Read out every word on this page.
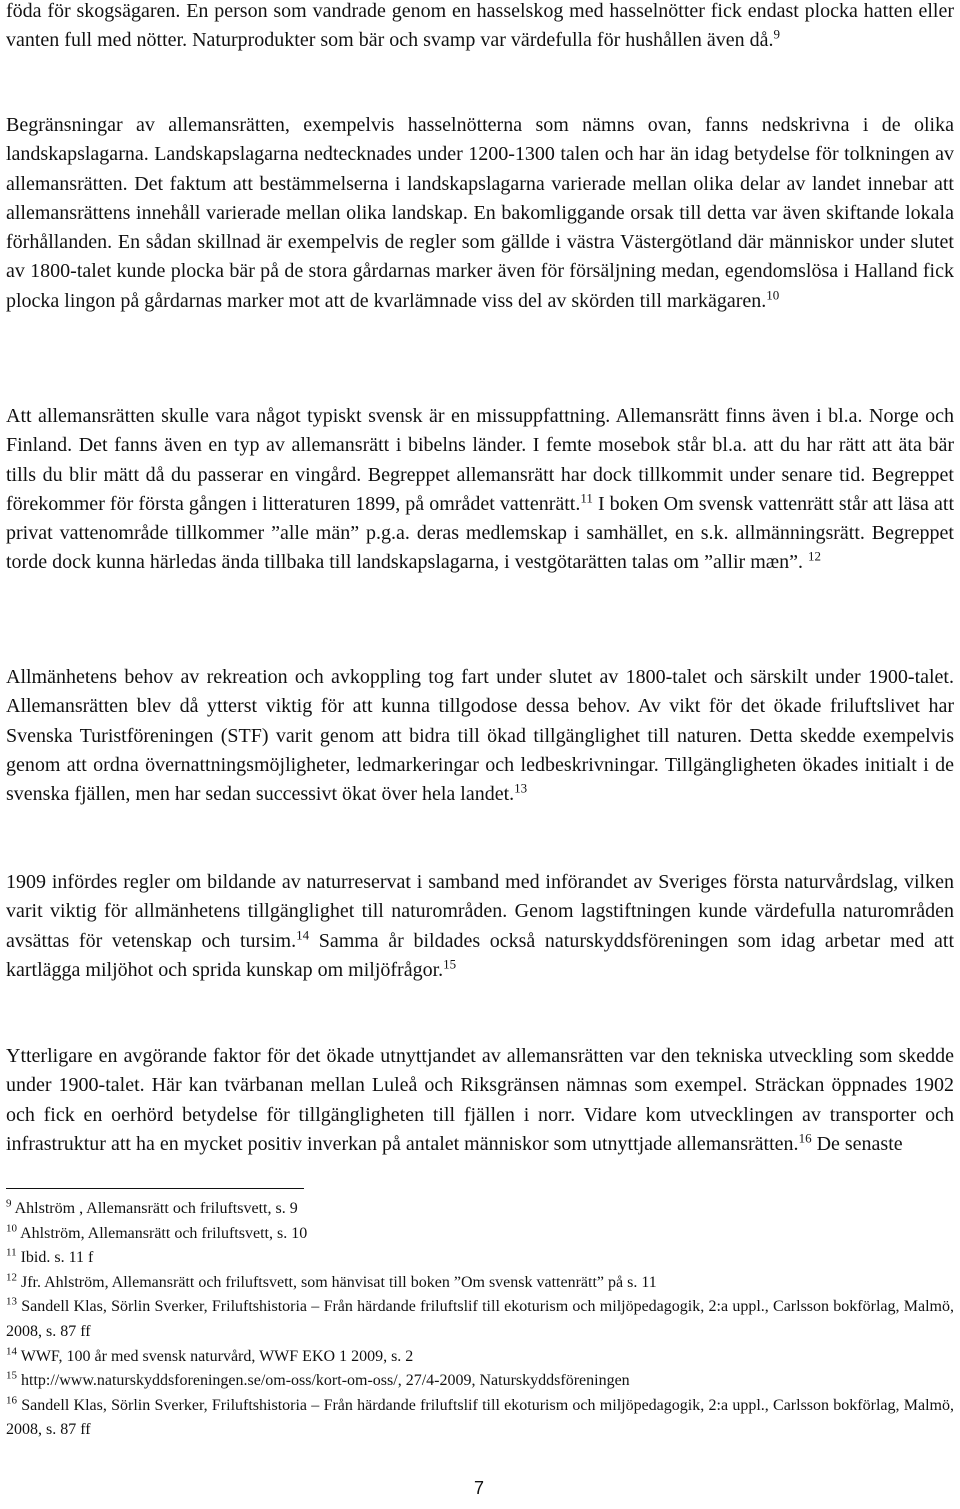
föda för skogsägaren. En person som vandrade genom en hasselskog med hasselnötter fick endast plocka hatten eller vanten full med nötter. Naturprodukter som bär och svamp var värdefulla för hushållen även då.$^9$

Begränsningar av allemansrätten, exempelvis hasselnötterna som nämns ovan, fanns nedskrivna i de olika landskapslagarna. Landskapslagarna nedtecknades under 1200-1300 talen och har än idag betydelse för tolkningen av allemansrätten. Det faktum att bestämmelserna i landskapslagarna varierade mellan olika delar av landet innebar att allemansrättens innehåll varierade mellan olika landskap. En bakomliggande orsak till detta var även skiftande lokala förhållanden. En sådan skillnad är exempelvis de regler som gällde i västra Västergötland där människor under slutet av 1800-talet kunde plocka bär på de stora gårdarnas marker även för försäljning medan, egendomslösa i Halland fick plocka lingon på gårdarnas marker mot att de kvarlämnade viss del av skörden till markägaren.$^{10}$

Att allemansrätten skulle vara något typiskt svensk är en missuppfattning. Allemansrätt finns även i bl.a. Norge och Finland. Det fanns även en typ av allemansrätt i bibelns länder. I femte mosebok står bl.a. att du har rätt att äta bär tills du blir mätt då du passerar en vingård. Begreppet allemansrätt har dock tillkommit under senare tid. Begreppet förekommer för första gången i litteraturen 1899, på området vattenrätt.$^{11}$ I boken Om svensk vattenrätt står att läsa att privat vattenområde tillkommer ”alle män” p.g.a. deras medlemskap i samhället, en s.k. allmänningsrätt. Begreppet torde dock kunna härledas ända tillbaka till landskapslagarna, i vestgötarätten talas om ”allir mæn”. $^{12}$

Allmänhetens behov av rekreation och avkoppling tog fart under slutet av 1800-talet och särskilt under 1900-talet. Allemansrätten blev då ytterst viktig för att kunna tillgodose dessa behov. Av vikt för det ökade friluftslivet har Svenska Turistföreningen (STF) varit genom att bidra till ökad tillgänglighet till naturen. Detta skedde exempelvis genom att ordna övernattningsmöjligheter, ledmarkeringar och ledbeskrivningar. Tillgängligheten ökades initialt i de svenska fjällen, men har sedan successivt ökat över hela landet.$^{13}$

1909 infördes regler om bildande av naturreservat i samband med införandet av Sveriges första naturvårdslag, vilken varit viktig för allmänhetens tillgänglighet till naturområden. Genom lagstiftningen kunde värdefulla naturområden avsättas för vetenskap och tursim.$^{14}$ Samma år bildades också naturskyddsföreningen som idag arbetar med att kartlägga miljöhot och sprida kunskap om miljöfrågor.$^{15}$

Ytterligare en avgörande faktor för det ökade utnyttjandet av allemansrätten var den tekniska utveckling som skedde under 1900-talet. Här kan tvärbanan mellan Luleå och Riksgränsen nämnas som exempel. Sträckan öppnades 1902 och fick en oerhörd betydelse för tillgängligheten till fjällen i norr. Vidare kom utvecklingen av transporter och infrastruktur att ha en mycket positiv inverkan på antalet människor som utnyttjade allemansrätten.$^{16}$ De senaste

$^9$ Ahlström , Allemansrätt och friluftsvett, s. 9

$^{10}$ Ahlström, Allemansrätt och friluftsvett, s. 10

$^{11}$ Ibid. s. 11 f

$^{12}$ Jfr. Ahlström, Allemansrätt och friluftsvett, som hänvisat till boken ”Om svensk vattenrätt” på s. 11

$^{13}$ Sandell Klas, Sörlin Sverker, Friluftshistoria – Från härdande friluftslif till ekoturism och miljöpedagogik, 2:a uppl., Carlsson bokförlag, Malmö, 2008, s. 87 ff

$^{14}$ WWF, 100 år med svensk naturvård, WWF EKO 1 2009, s. 2

$^{15}$ http://www.naturskyddsforeningen.se/om-oss/kort-om-oss/, 27/4-2009, Naturskyddsföreningen

$^{16}$ Sandell Klas, Sörlin Sverker, Friluftshistoria – Från härdande friluftslif till ekoturism och miljöpedagogik, 2:a uppl., Carlsson bokförlag, Malmö, 2008, s. 87 ff

7
